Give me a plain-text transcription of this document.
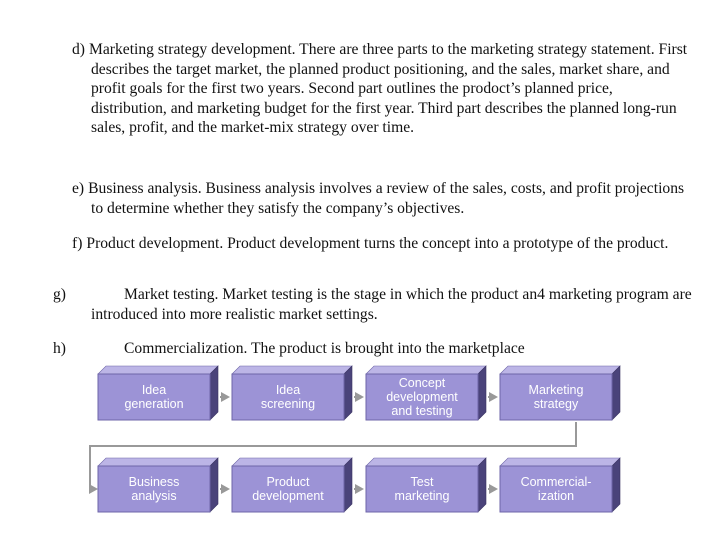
d) Marketing strategy development. There are three parts to the marketing strategy statement. First describes the target market, the planned product positioning, and the sales, market share, and profit goals for the first two years. Second part outlines the prodoct’s planned price, distribution, and marketing budget for the first year. Third part describes the planned long-run sales, profit, and the market-mix strategy over time.

e) Business analysis. Business analysis involves a review of the sales, costs, and profit projections to determine whether they satisfy the company’s objectives.

f) Product development. Product development turns the concept into a prototype of the product.

g)	Market testing. Market testing is the stage in which the product an4 marketing program are introduced into more realistic market settings.

h)	Commercialization. The product is brought into the marketplace

Idea
generation
Idea
screening
Concept
development
and testing
Marketing
strategy
Business
analysis
Product
development
Test
marketing
Commercial-
ization
